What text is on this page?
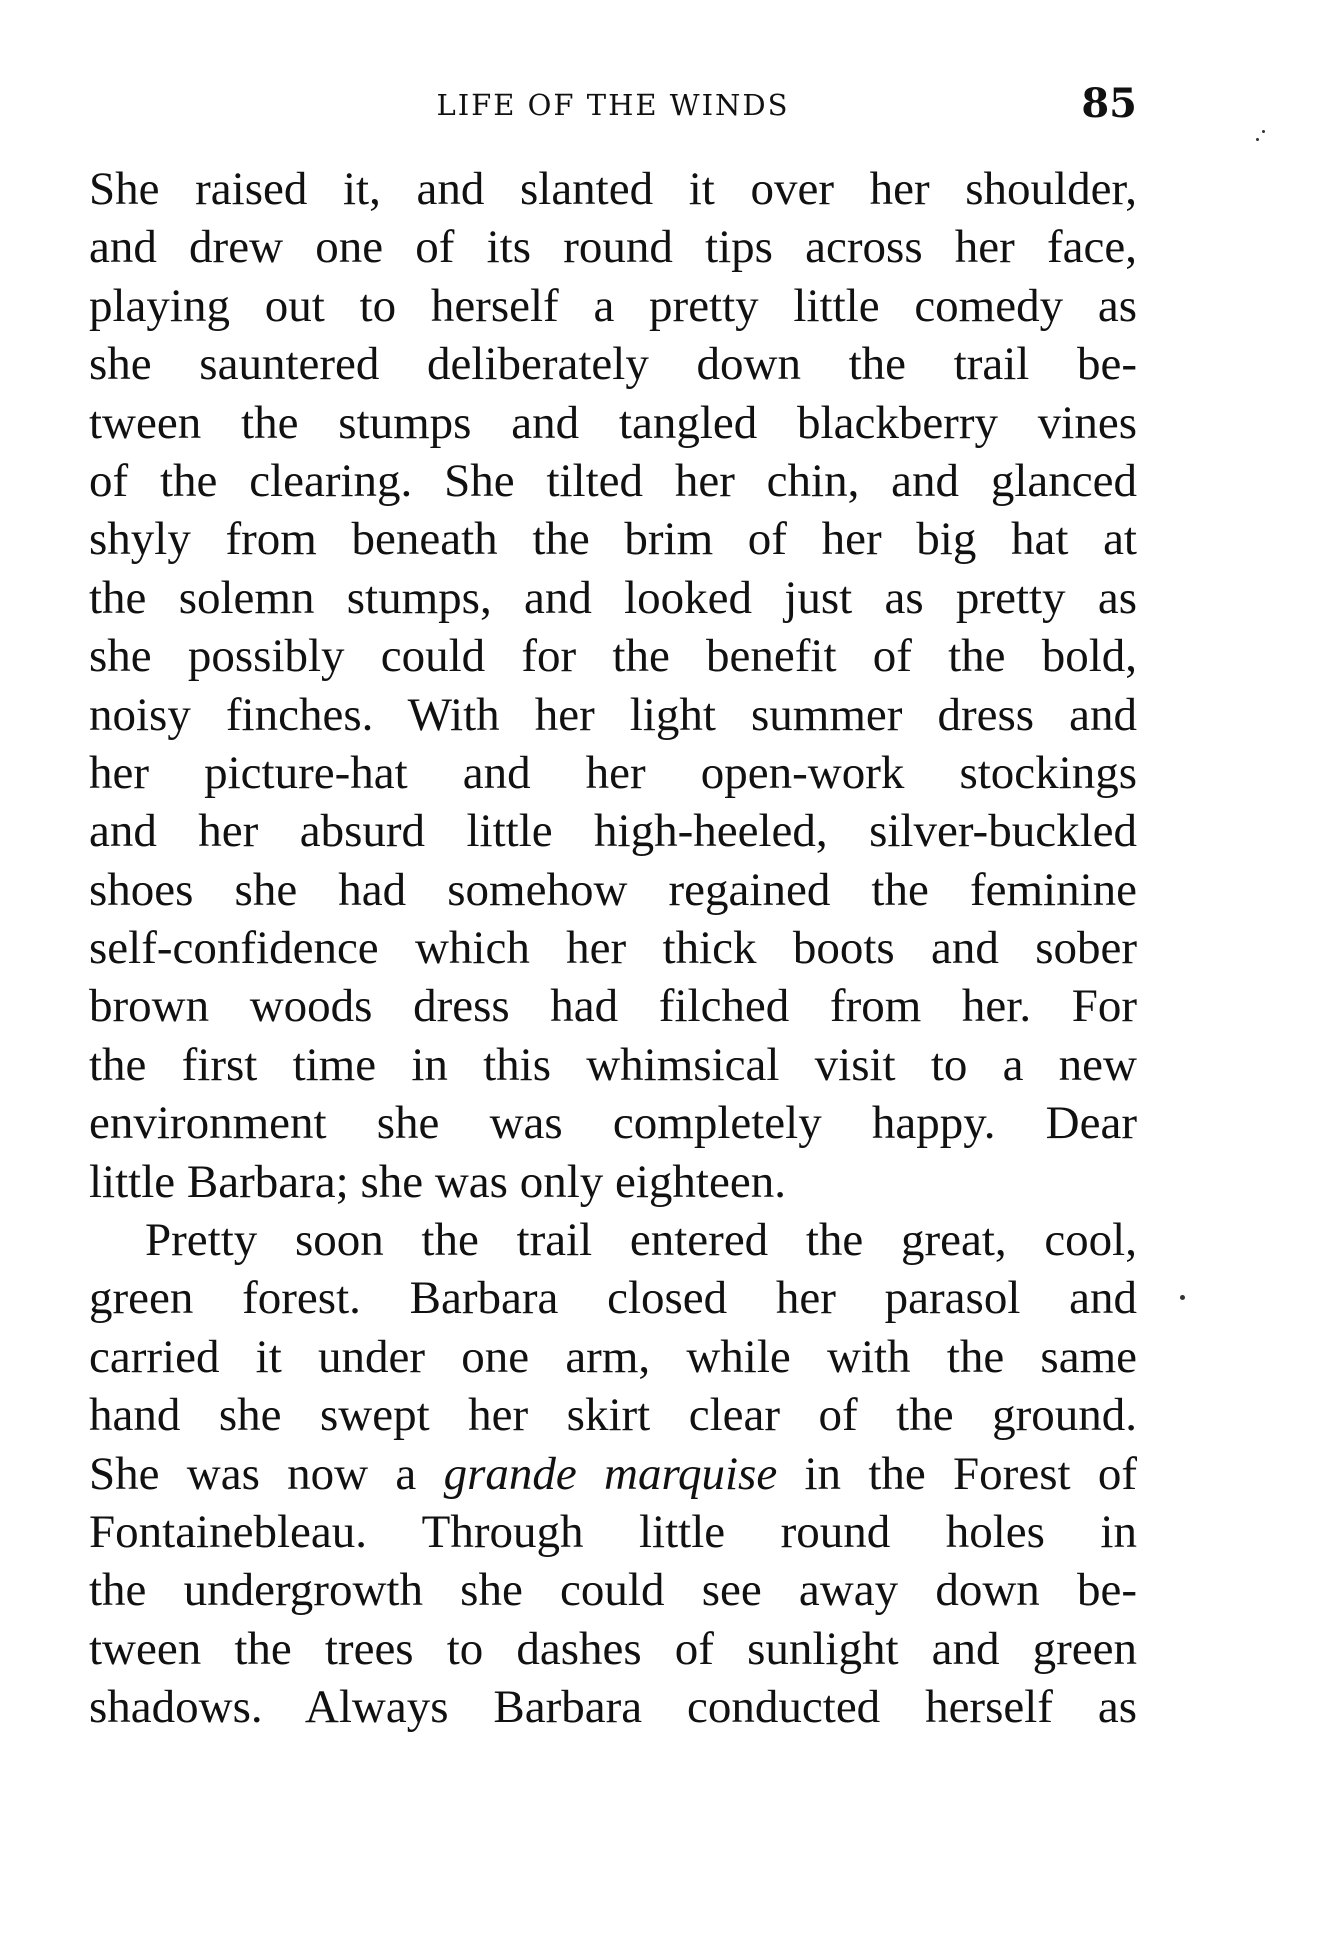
LIFE OF THE WINDS	85
She raised it, and slanted it over her shoulder,
and drew one of its round tips across her face,
playing out to herself a pretty little comedy as
she sauntered deliberately down the trail be-
tween the stumps and tangled blackberry vines
of the clearing. She tilted her chin, and glanced
shyly from beneath the brim of her big hat at
the solemn stumps, and looked just as pretty as
she possibly could for the benefit of the bold,
noisy finches. With her light summer dress and
her picture-hat and her open-work stockings
and her absurd little high-heeled, silver-buckled
shoes she had somehow regained the feminine
self-confidence which her thick boots and sober
brown woods dress had filched from her. For
the first time in this whimsical visit to a new
environment she was completely happy. Dear
little Barbara; she was only eighteen.
Pretty soon the trail entered the great, cool,
green forest. Barbara closed her parasol and
carried it under one arm, while with the same
hand she swept her skirt clear of the ground.
She was now a grande marquise in the Forest of
Fontainebleau. Through little round holes in
the undergrowth she could see away down be-
tween the trees to dashes of sunlight and green
shadows. Always Barbara conducted herself as
